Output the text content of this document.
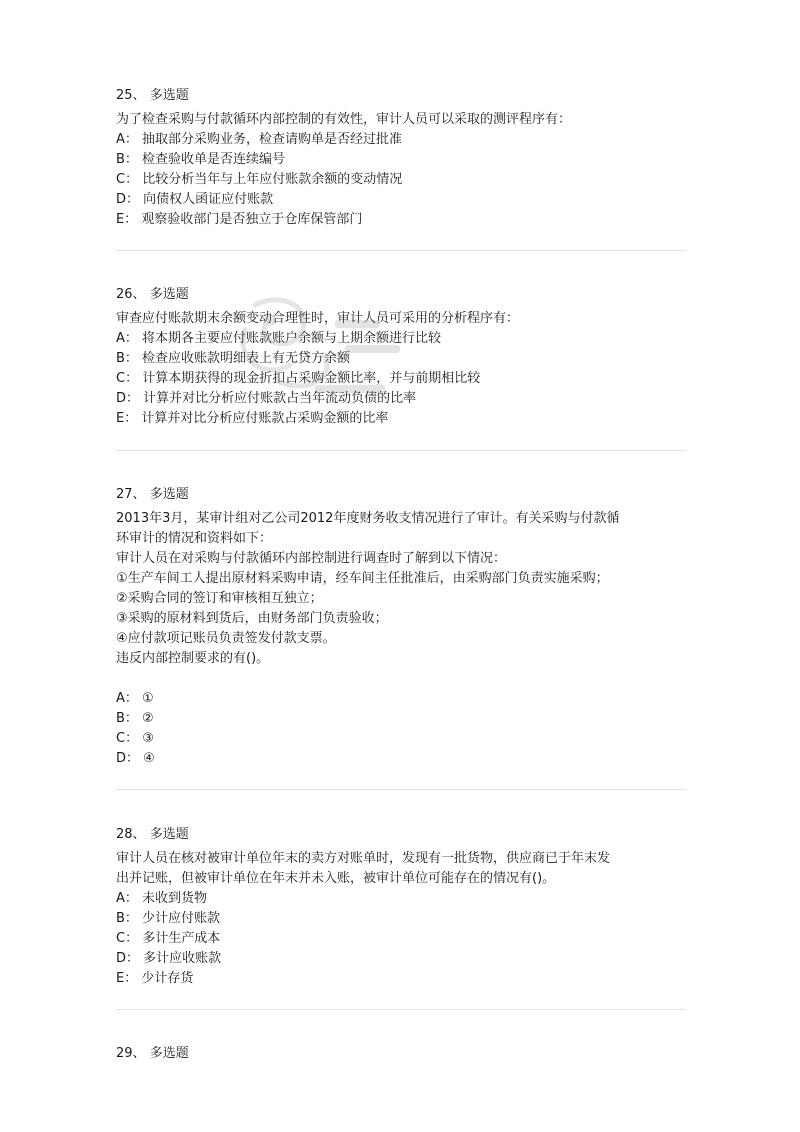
25、 多选题
为了检查采购与付款循环内部控制的有效性，审计人员可以采取的测评程序有：
A： 抽取部分采购业务，检查请购单是否经过批准
B： 检查验收单是否连续编号
C： 比较分析当年与上年应付账款余额的变动情况
D： 向债权人函证应付账款
E： 观察验收部门是否独立于仓库保管部门
26、 多选题
审查应付账款期末余额变动合理性时，审计人员可采用的分析程序有：
A： 将本期各主要应付账款账户余额与上期余额进行比较
B： 检查应收账款明细表上有无贷方余额
C： 计算本期获得的现金折扣占采购金额比率，并与前期相比较
D： 计算并对比分析应付账款占当年流动负债的比率
E： 计算并对比分析应付账款占采购金额的比率
27、 多选题
2013年3月，某审计组对乙公司2012年度财务收支情况进行了审计。有关采购与付款循
环审计的情况和资料如下：
审计人员在对采购与付款循环内部控制进行调查时了解到以下情况：
①生产车间工人提出原材料采购申请，经车间主任批准后，由采购部门负责实施采购；
②采购合同的签订和审核相互独立；
③采购的原材料到货后，由财务部门负责验收；
④应付款项记账员负责签发付款支票。
违反内部控制要求的有()。
A： ①
B： ②
C： ③
D： ④
28、 多选题
审计人员在核对被审计单位年末的卖方对账单时，发现有一批货物，供应商已于年末发
出并记账，但被审计单位在年末并未入账，被审计单位可能存在的情况有()。
A： 未收到货物
B： 少计应付账款
C： 多计生产成本
D： 多计应收账款
E： 少计存货
29、 多选题
